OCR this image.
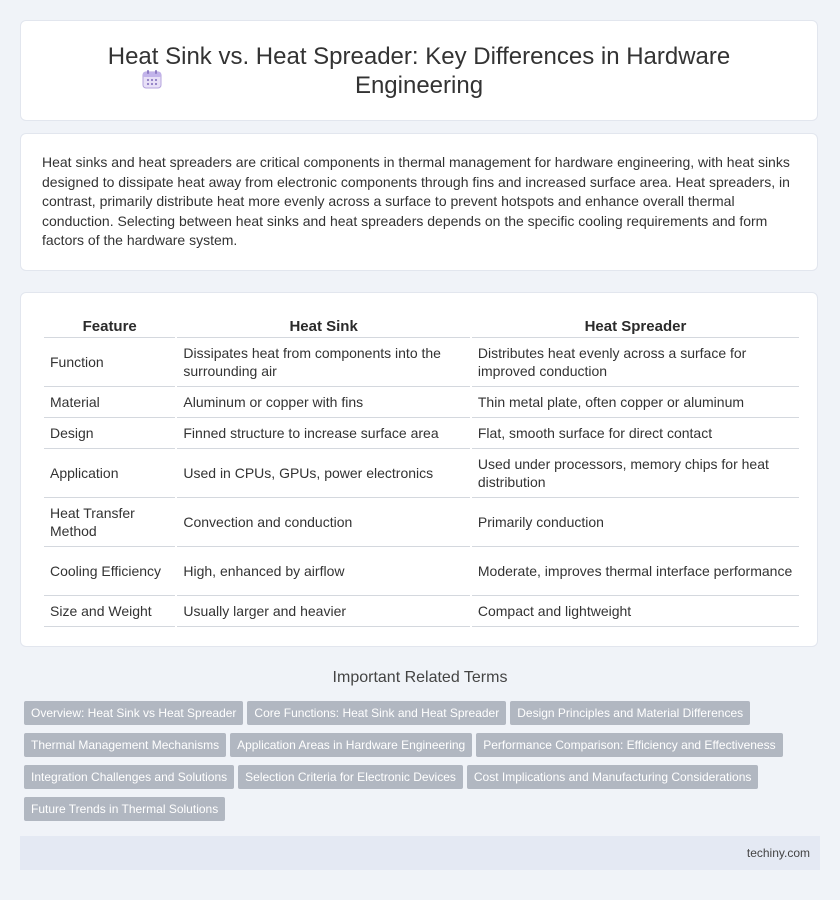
Heat Sink vs. Heat Spreader: Key Differences in Hardware Engineering

Heat sinks and heat spreaders are critical components in thermal management for hardware engineering, with heat sinks designed to dissipate heat away from electronic components through fins and increased surface area. Heat spreaders, in contrast, primarily distribute heat more evenly across a surface to prevent hotspots and enhance overall thermal conduction. Selecting between heat sinks and heat spreaders depends on the specific cooling requirements and form factors of the hardware system.

Feature	Heat Sink	Heat Spreader
Function	Dissipates heat from components into the surrounding air	Distributes heat evenly across a surface for improved conduction
Material	Aluminum or copper with fins	Thin metal plate, often copper or aluminum
Design	Finned structure to increase surface area	Flat, smooth surface for direct contact
Application	Used in CPUs, GPUs, power electronics	Used under processors, memory chips for heat distribution
Heat Transfer Method	Convection and conduction	Primarily conduction
Cooling Efficiency	High, enhanced by airflow	Moderate, improves thermal interface performance
Size and Weight	Usually larger and heavier	Compact and lightweight
Important Related Terms
Overview: Heat Sink vs Heat Spreader Core Functions: Heat Sink and Heat Spreader Design Principles and Material Differences
Thermal Management Mechanisms Application Areas in Hardware Engineering Performance Comparison: Efficiency and Effectiveness
Integration Challenges and Solutions Selection Criteria for Electronic Devices Cost Implications and Manufacturing Considerations
Future Trends in Thermal Solutions
techiny.com
